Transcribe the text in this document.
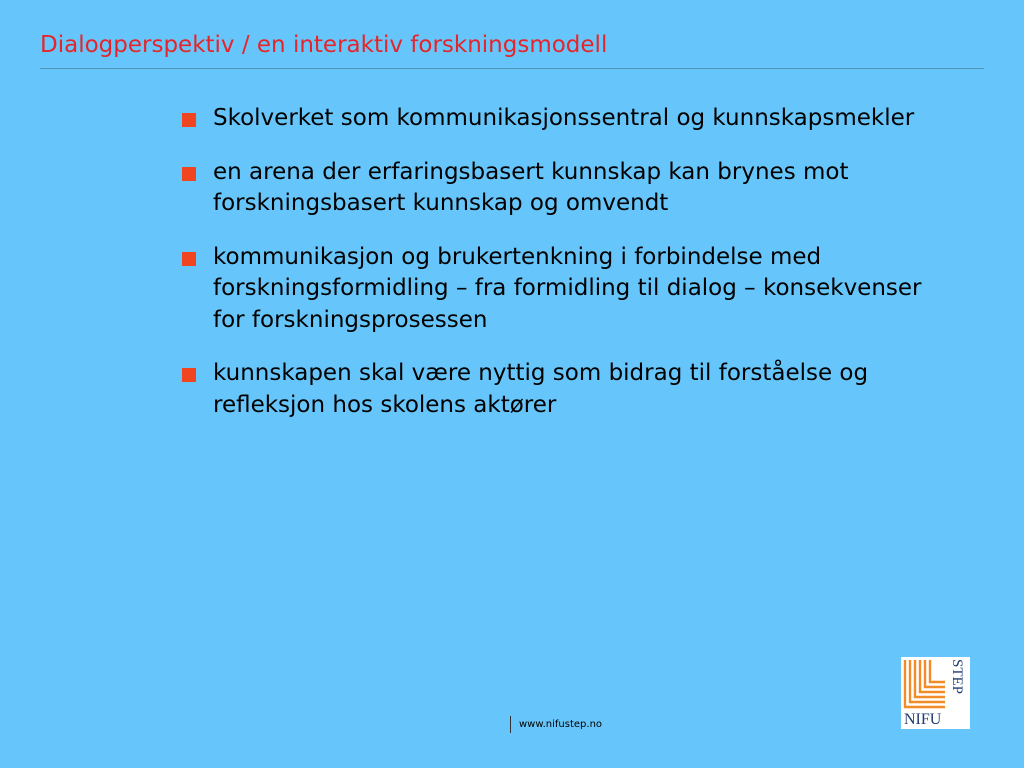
Dialogperspektiv / en interaktiv forskningsmodell
Skolverket som kommunikasjonssentral og kunnskapsmekler
en arena der erfaringsbasert kunnskap kan brynes mot forskningsbasert kunnskap og omvendt
kommunikasjon og brukertenkning i forbindelse med forskningsformidling – fra formidling til dialog – konsekvenser for forskningsprosessen
kunnskapen skal være nyttig som bidrag til forståelse og refleksjon hos skolens aktører
www.nifustep.no	NIFU
STEP
